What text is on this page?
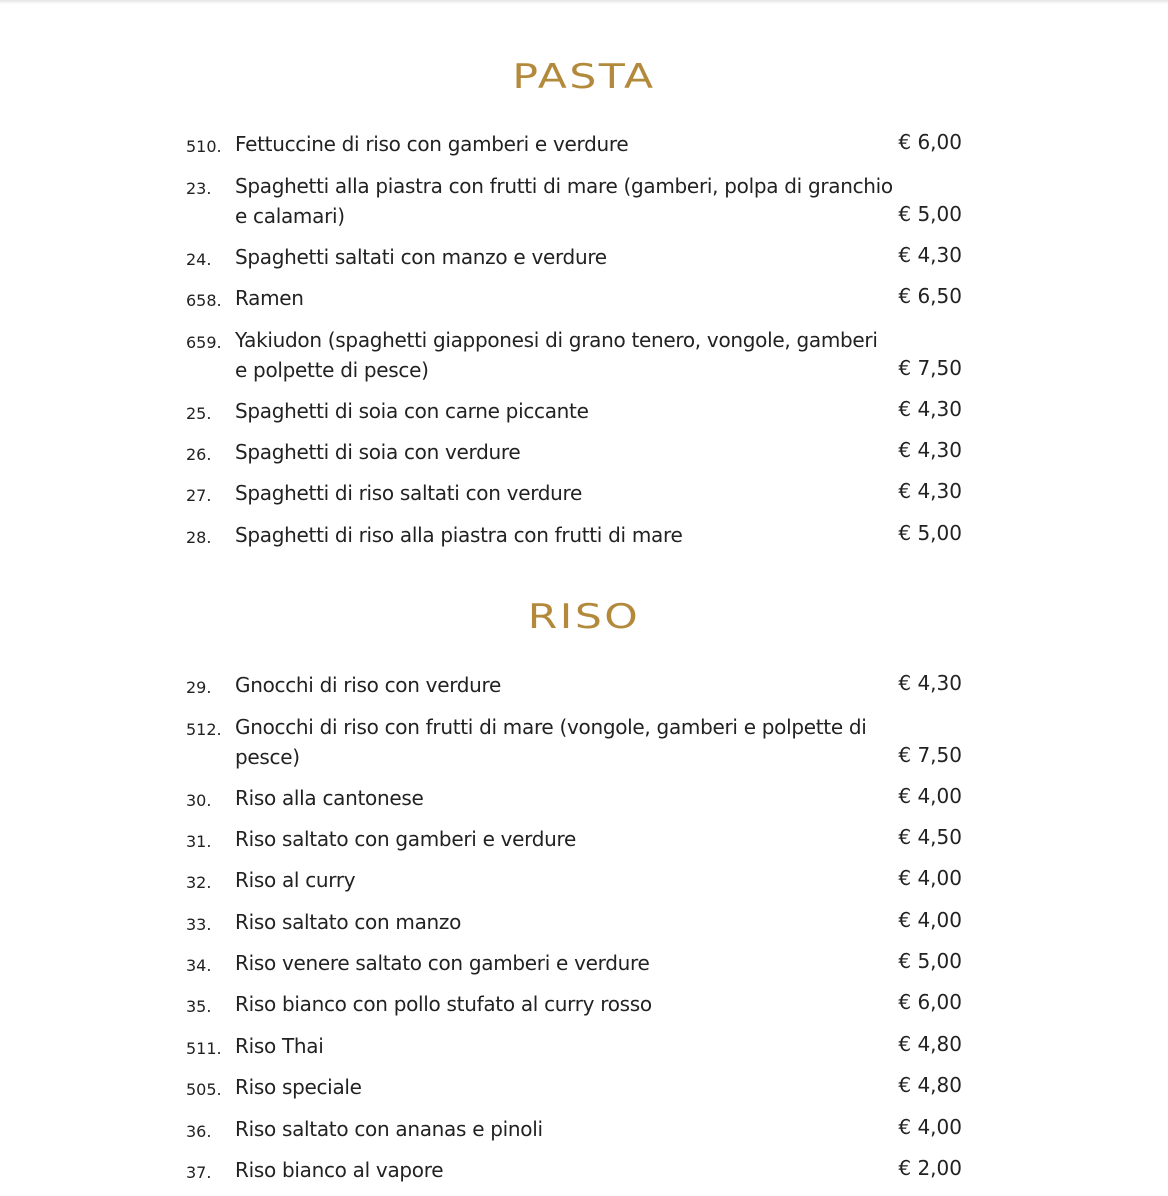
PASTA
510. Fettuccine di riso con gamberi e verdure	€ 6,00
23.	Spaghetti alla piastra con frutti di mare (gamberi, polpa di granchio e calamari)	€ 5,00
24.	Spaghetti saltati con manzo e verdure	€ 4,30
658. Ramen	€ 6,50
659. Yakiudon (spaghetti giapponesi di grano tenero, vongole, gamberi e polpette di pesce)	€ 7,50
25.	Spaghetti di soia con carne piccante	€ 4,30
26.	Spaghetti di soia con verdure	€ 4,30
27.	Spaghetti di riso saltati con verdure	€ 4,30
28.	Spaghetti di riso alla piastra con frutti di mare	€ 5,00
RISO
29.	Gnocchi di riso con verdure	€ 4,30
512. Gnocchi di riso con frutti di mare (vongole, gamberi e polpette di pesce)	€ 7,50
30.	Riso alla cantonese	€ 4,00
31.	Riso saltato con gamberi e verdure	€ 4,50
32.	Riso al curry	€ 4,00
33.	Riso saltato con manzo	€ 4,00
34.	Riso venere saltato con gamberi e verdure	€ 5,00
35.	Riso bianco con pollo stufato al curry rosso	€ 6,00
511. Riso Thai	€ 4,80
505. Riso speciale	€ 4,80
36.	Riso saltato con ananas e pinoli	€ 4,00
37.	Riso bianco al vapore	€ 2,00
